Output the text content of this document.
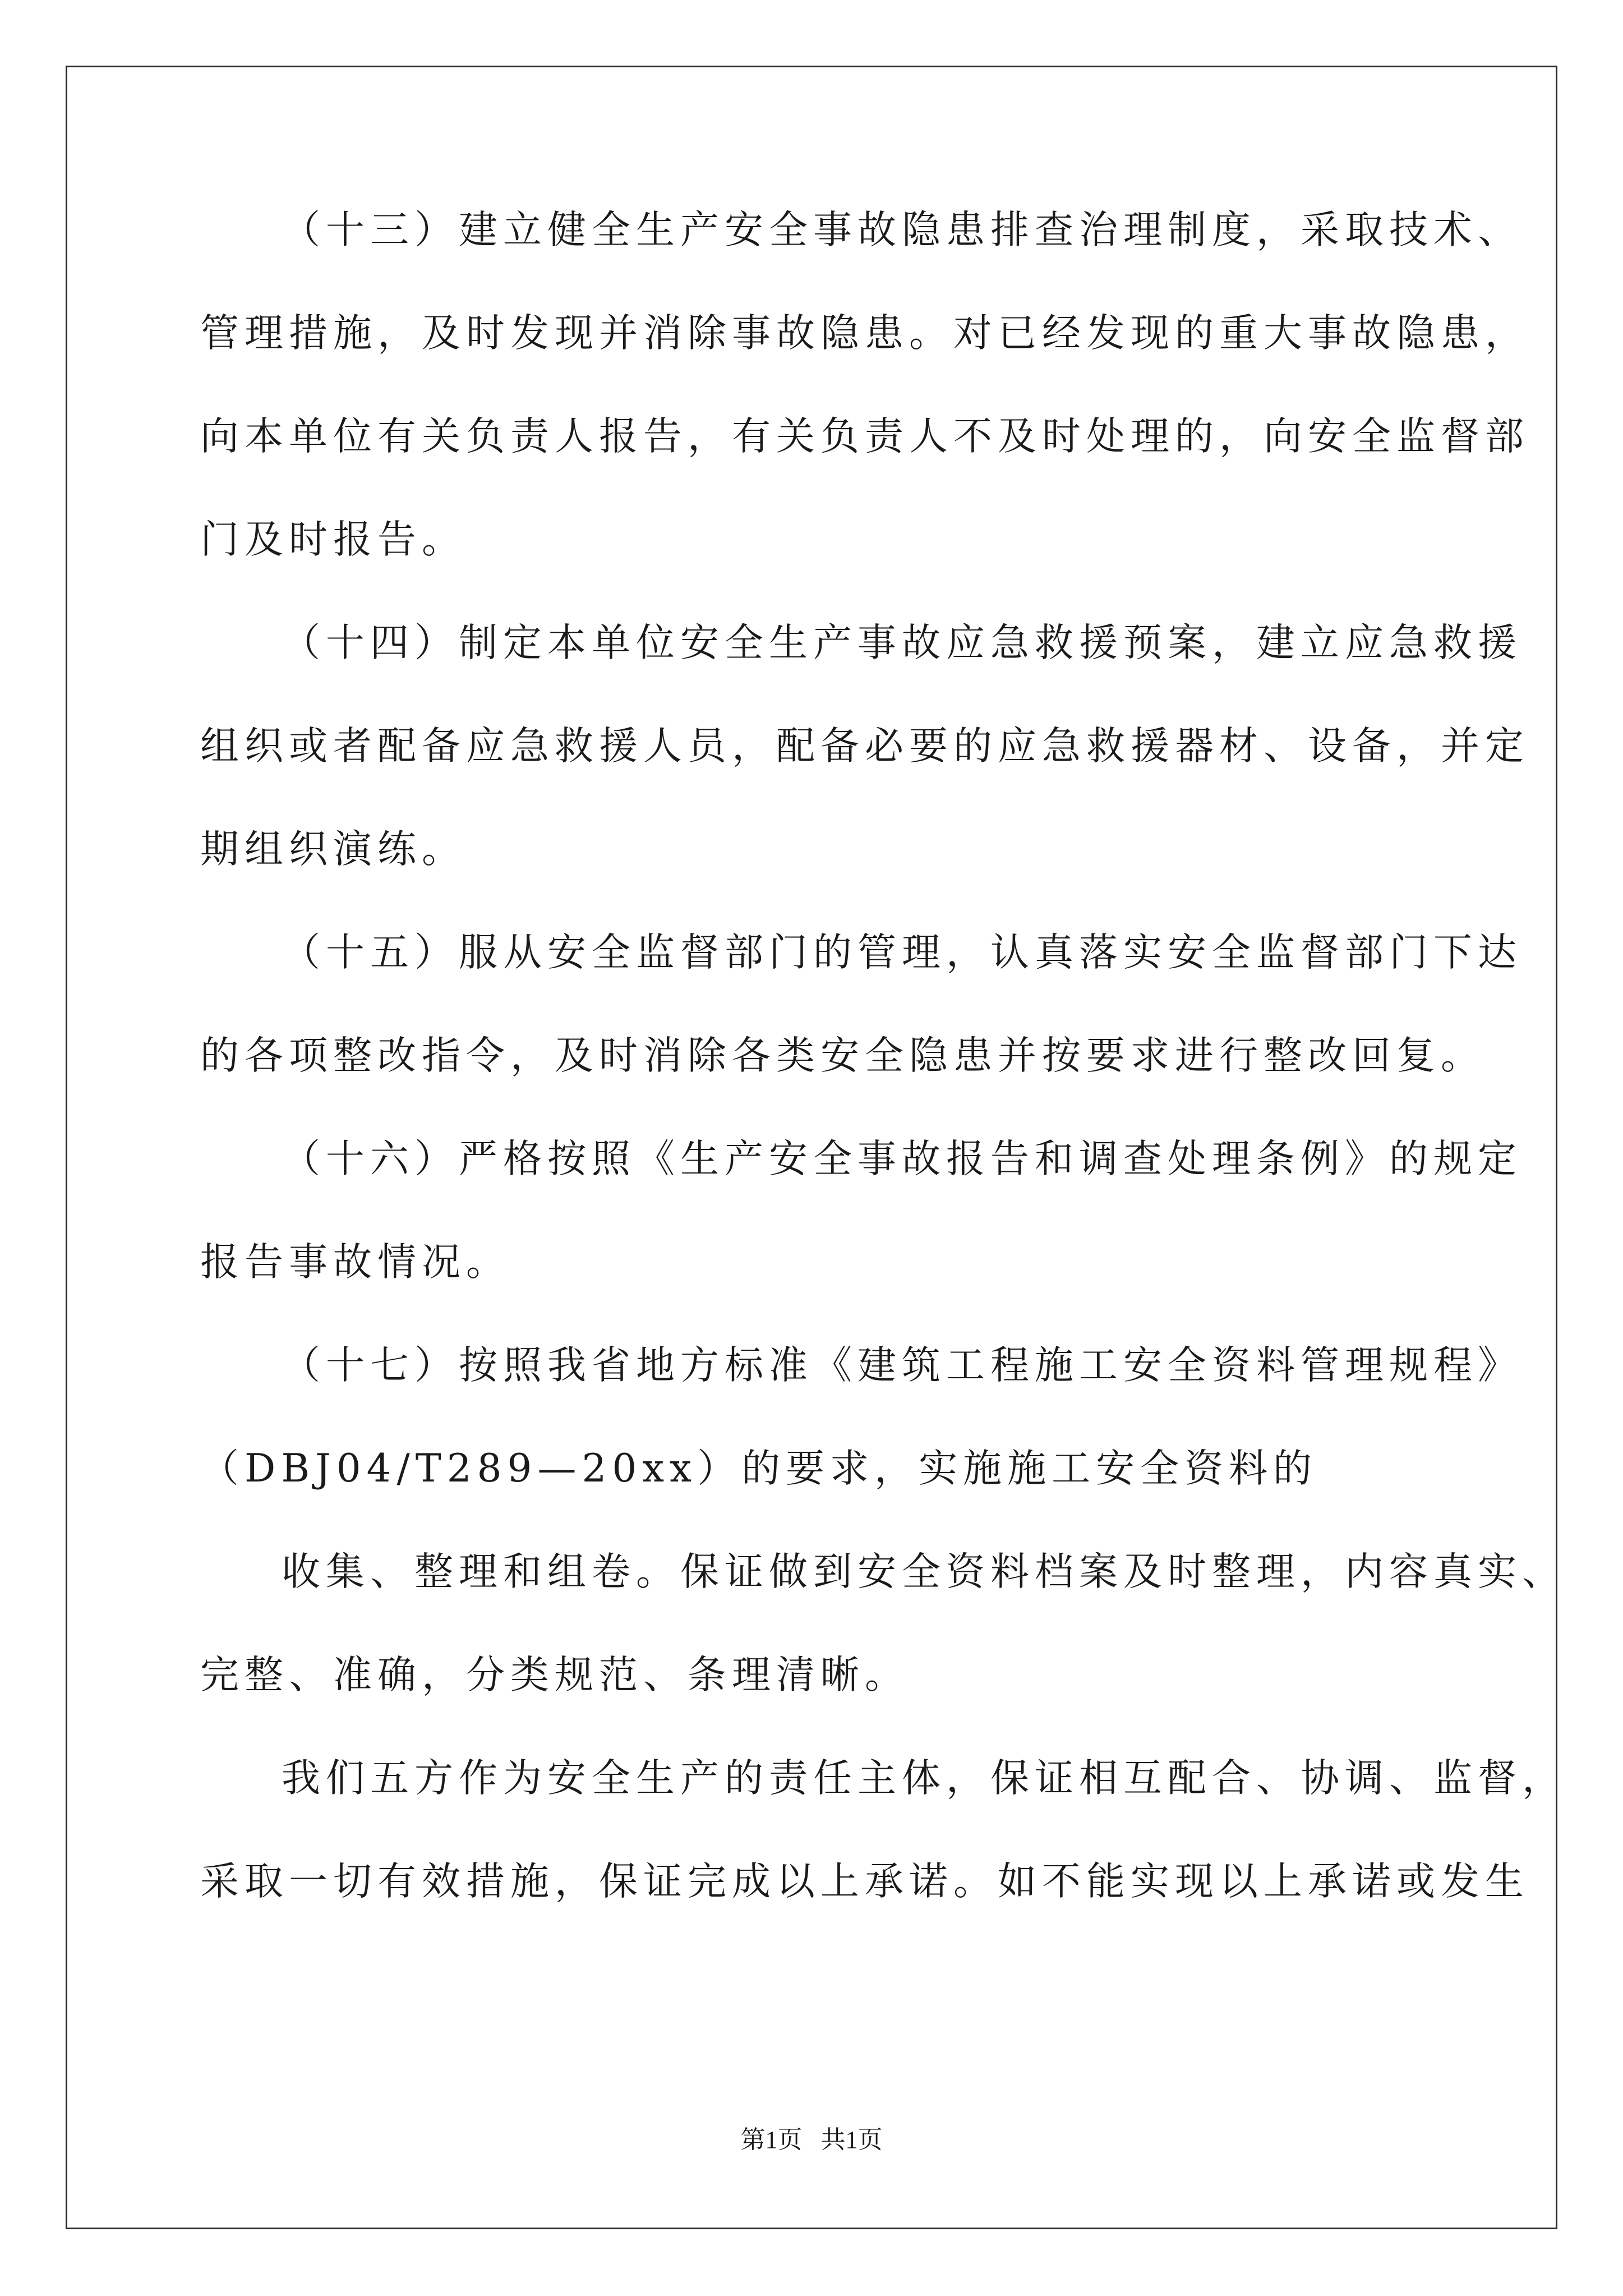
（十三）建立健全生产安全事故隐患排查治理制度，采取技术、
管理措施，及时发现并消除事故隐患。对已经发现的重大事故隐患，
向本单位有关负责人报告，有关负责人不及时处理的，向安全监督部
门及时报告。
（十四）制定本单位安全生产事故应急救援预案，建立应急救援
组织或者配备应急救援人员，配备必要的应急救援器材、设备，并定
期组织演练。
（十五）服从安全监督部门的管理，认真落实安全监督部门下达
的各项整改指令，及时消除各类安全隐患并按要求进行整改回复。
（十六）严格按照《生产安全事故报告和调查处理条例》的规定
报告事故情况。
（十七）按照我省地方标准《建筑工程施工安全资料管理规程》
（DBJ04/T289—20xx）的要求，实施施工安全资料的
收集、整理和组卷。保证做到安全资料档案及时整理，内容真实、
完整、准确，分类规范、条理清晰。
我们五方作为安全生产的责任主体，保证相互配合、协调、监督，
采取一切有效措施，保证完成以上承诺。如不能实现以上承诺或发生
第1页   共1页
